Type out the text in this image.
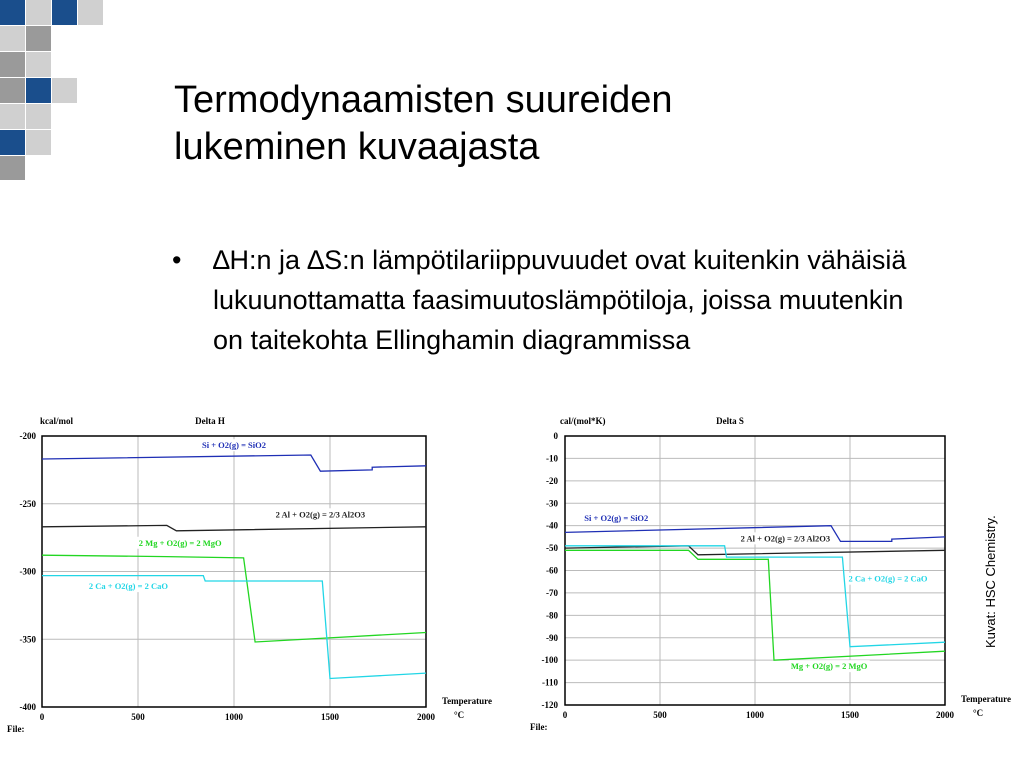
Termodynaamisten suureiden
lukeminen kuvaajasta
• ∆H:n ja ∆S:n lämpötilariippuvuudet ovat kuitenkin vähäisiä lukuunottamatta faasimuutoslämpötiloja, joissa muutenkin on taitekohta Ellinghamin diagrammissa
0	500	1000	1500	2000
-200
-250
-300
-350
-400
kcal/mol	Delta H
Temperature
°C
File:
Si + O2(g) = SiO2
2 Al + O2(g) = 2/3 Al2O3
2 Mg + O2(g) = 2 MgO
2 Ca + O2(g) = 2 CaO
0	500	1000	1500	2000
0
-10
-20
-30
-40
-50
-60
-70
-80
-90
-100
-110
-120
cal/(mol*K)	Delta S
Temperature
°C
File:
Si + O2(g) = SiO2
2 Al + O2(g) = 2/3 Al2O3
2 Ca + O2(g) = 2 CaO
Mg + O2(g) = 2 MgO
Kuvat: HSC Chemistry.
